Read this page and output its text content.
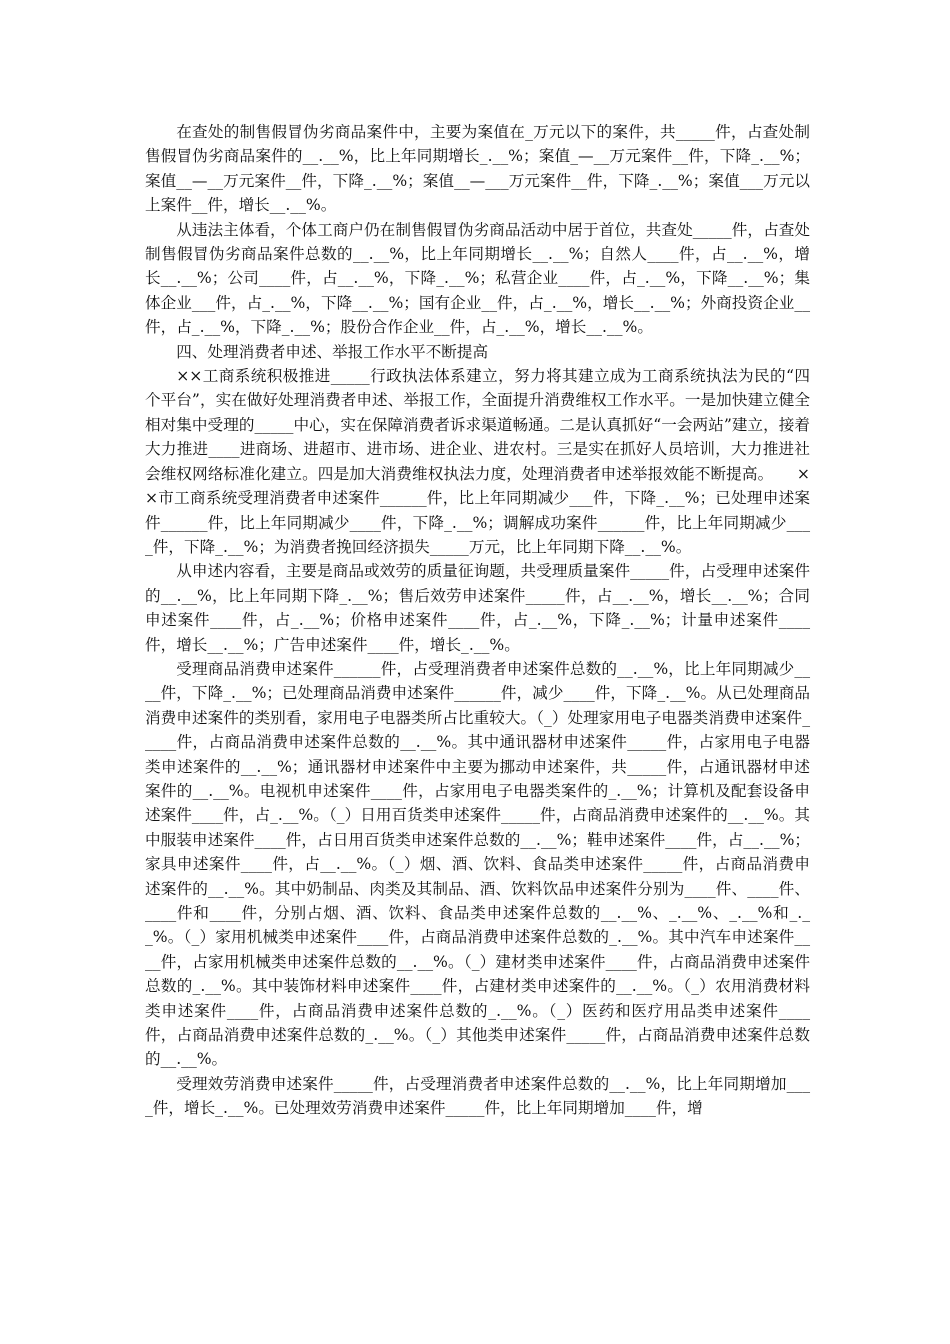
在查处的制售假冒伪劣商品案件中，主要为案值在_万元以下的案件，共_____件，占查处制售假冒伪劣商品案件的__.__%，比上年同期增长_.__%；案值_—__万元案件__件，下降_.__%；案值__—__万元案件__件，下降_.__%；案值__—___万元案件__件，下降_.__%；案值___万元以上案件__件，增长__.__%。

从违法主体看，个体工商户仍在制售假冒伪劣商品活动中居于首位，共查处_____件，占查处制售假冒伪劣商品案件总数的__.__%，比上年同期增长__.__%；自然人____件，占__.__%，增长__.__%；公司____件，占__.__%，下降_.__%；私营企业____件，占_.__%，下降__.__%；集体企业___件，占_.__%，下降__.__%；国有企业__件，占_.__%，增长__.__%；外商投资企业__件，占_.__%，下降_.__%；股份合作企业__件，占_.__%，增长__.__%。

四、处理消费者申述、举报工作水平不断提高

××工商系统积极推进_____行政执法体系建立，努力将其建立成为工商系统执法为民的“四个平台”，实在做好处理消费者申述、举报工作，全面提升消费维权工作水平。一是加快建立健全相对集中受理的_____中心，实在保障消费者诉求渠道畅通。二是认真抓好“一会两站”建立，接着大力推进____进商场、进超市、进市场、进企业、进农村。三是实在抓好人员培训，大力推进社会维权网络标准化建立。四是加大消费维权执法力度，处理消费者申述举报效能不断提高。　　××市工商系统受理消费者申述案件______件，比上年同期减少___件，下降_.__%；已处理申述案件______件，比上年同期减少____件，下降_.__%；调解成功案件______件，比上年同期减少____件，下降_.__%；为消费者挽回经济损失_____万元，比上年同期下降__.__%。

从申述内容看，主要是商品或效劳的质量征询题，共受理质量案件_____件，占受理申述案件的__.__%，比上年同期下降_.__%；售后效劳申述案件_____件，占__.__%，增长__.__%；合同申述案件____件，占_.__%；价格申述案件____件，占_.__%，下降_.__%；计量申述案件____件，增长__.__%；广告申述案件____件，增长_.__%。

受理商品消费申述案件______件，占受理消费者申述案件总数的__.__%，比上年同期减少____件，下降_.__%；已处理商品消费申述案件______件，减少____件，下降_.__%。从已处理商品消费申述案件的类别看，家用电子电器类所占比重较大。（_）处理家用电子电器类消费申述案件_____件，占商品消费申述案件总数的__.__%。其中通讯器材申述案件_____件，占家用电子电器类申述案件的__.__%；通讯器材申述案件中主要为挪动申述案件，共_____件，占通讯器材申述案件的__.__%。电视机申述案件____件，占家用电子电器类案件的_.__%；计算机及配套设备申述案件____件，占_.__%。（_）日用百货类申述案件_____件，占商品消费申述案件的__.__%。其中服装申述案件____件，占日用百货类申述案件总数的__.__%；鞋申述案件____件，占__.__%；家具申述案件____件，占__.__%。（_）烟、酒、饮料、食品类申述案件_____件，占商品消费申述案件的__.__%。其中奶制品、肉类及其制品、酒、饮料饮品申述案件分别为____件、____件、____件和____件，分别占烟、酒、饮料、食品类申述案件总数的__.__%、_.__%、_.__%和_.__%。（_）家用机械类申述案件____件，占商品消费申述案件总数的_.__%。其中汽车申述案件____件，占家用机械类申述案件总数的__.__%。（_）建材类申述案件____件，占商品消费申述案件总数的_.__%。其中装饰材料申述案件____件，占建材类申述案件的__.__%。（_）农用消费材料类申述案件____件，占商品消费申述案件总数的_.__%。（_）医药和医疗用品类申述案件____件，占商品消费申述案件总数的_.__%。（_）其他类申述案件_____件，占商品消费申述案件总数的__.__%。

受理效劳消费申述案件_____件，占受理消费者申述案件总数的__.__%，比上年同期增加____件，增长_.__%。已处理效劳消费申述案件_____件，比上年同期增加____件，增
